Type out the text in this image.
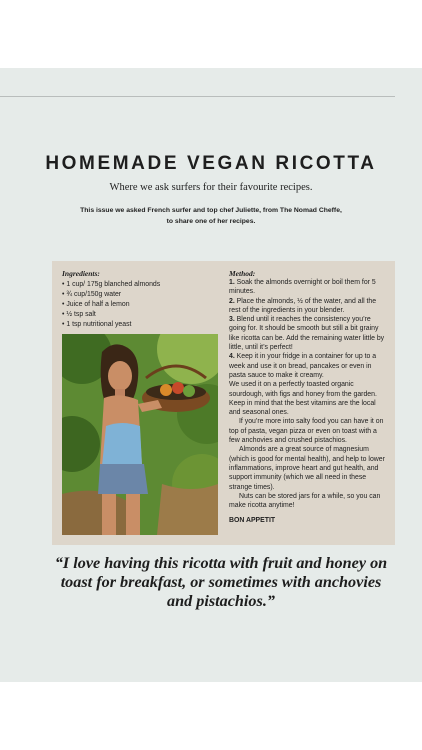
HOMEMADE VEGAN RICOTTA
Where we ask surfers for their favourite recipes.
This issue we asked French surfer and top chef Juliette, from The Nomad Cheffe,
to share one of her recipes.
Ingredients:
• 1 cup/ 175g blanched almonds
• ¾ cup/150g water
• Juice of half a lemon
• ½ tsp salt
• 1 tsp nutritional yeast
Method:

1. Soak the almonds overnight or boil them for 5 minutes.

2. Place the almonds, ½ of the water, and all the rest of the ingredients in your blender.

3. Blend until it reaches the consistency you’re going for. It should be smooth but still a bit grainy like ricotta can be. Add the remaining water little by little, until it’s perfect!

4. Keep it in your fridge in a container for up to a week and use it on bread, pancakes or even in pasta sauce to make it creamy.

We used it on a perfectly toasted organic sourdough, with figs and honey from the garden. Keep in mind that the best vitamins are the local and seasonal ones.

If you’re more into salty food you can have it on top of pasta, vegan pizza or even on toast with a few anchovies and crushed pistachios.

Almonds are a great source of magnesium (which is good for mental health), and help to lower inflammations, improve heart and gut health, and support immunity (which we all need in these strange times).

Nuts can be stored jars for a while, so you can make ricotta anytime!

BON APPETIT

“I love having this ricotta with fruit and honey on toast for breakfast, or sometimes with anchovies and pistachios.”
